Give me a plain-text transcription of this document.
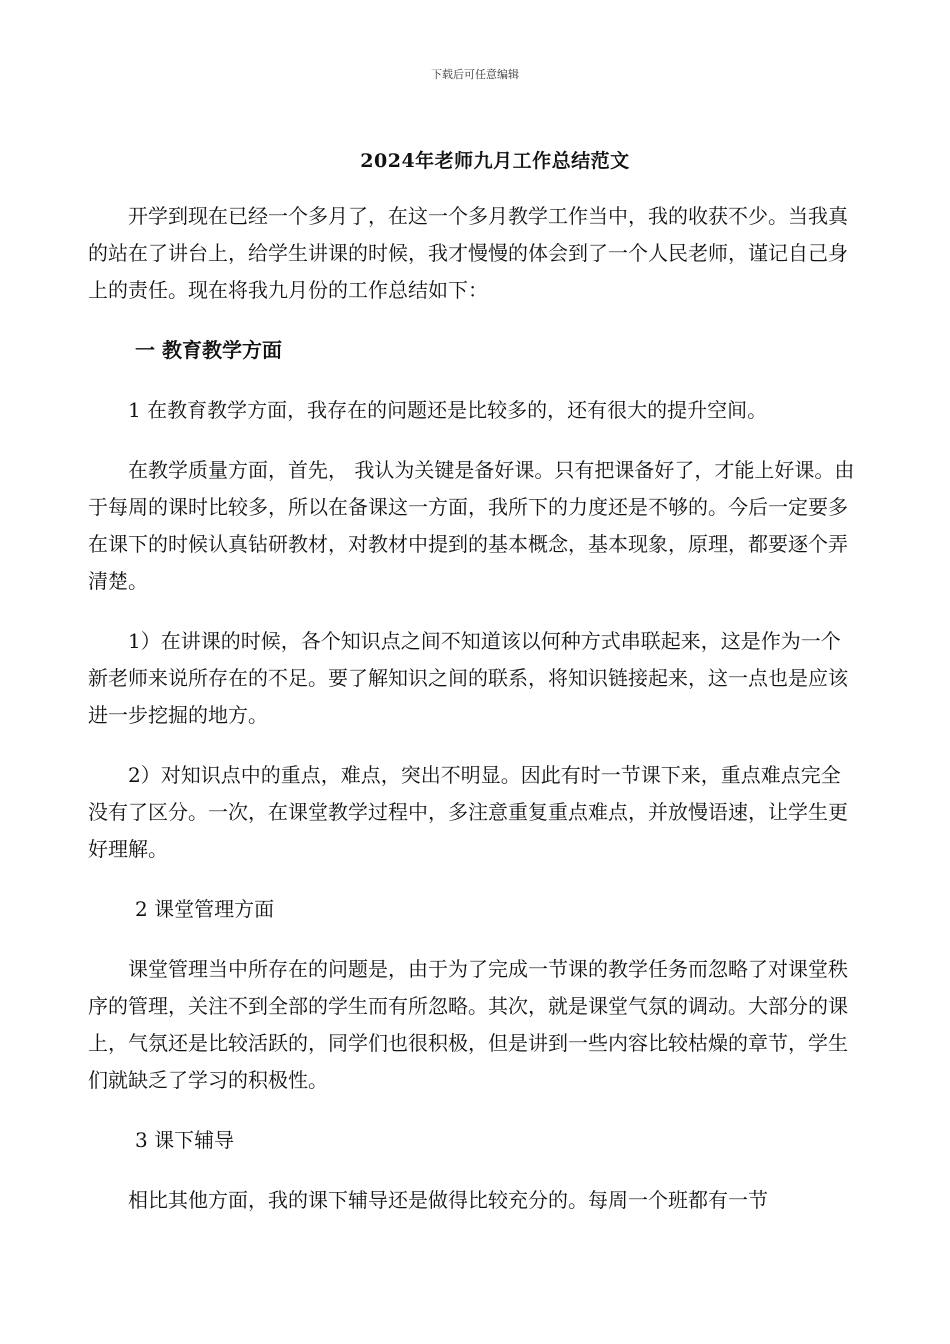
下载后可任意编辑
2024年老师九月工作总结范文

开学到现在已经一个多月了，在这一个多月教学工作当中，我的收获不少。当我真的站在了讲台上，给学生讲课的时候，我才慢慢的体会到了一个人民老师，谨记自己身上的责任。现在将我九月份的工作总结如下：

一 教育教学方面

1 在教育教学方面，我存在的问题还是比较多的，还有很大的提升空间。

在教学质量方面，首先， 我认为关键是备好课。只有把课备好了，才能上好课。由于每周的课时比较多，所以在备课这一方面，我所下的力度还是不够的。今后一定要多在课下的时候认真钻研教材，对教材中提到的基本概念，基本现象，原理，都要逐个弄清楚。

1）在讲课的时候，各个知识点之间不知道该以何种方式串联起来，这是作为一个新老师来说所存在的不足。要了解知识之间的联系，将知识链接起来，这一点也是应该进一步挖掘的地方。

2）对知识点中的重点，难点，突出不明显。因此有时一节课下来，重点难点完全没有了区分。一次，在课堂教学过程中，多注意重复重点难点，并放慢语速，让学生更好理解。

2 课堂管理方面

课堂管理当中所存在的问题是，由于为了完成一节课的教学任务而忽略了对课堂秩序的管理，关注不到全部的学生而有所忽略。其次，就是课堂气氛的调动。大部分的课上，气氛还是比较活跃的，同学们也很积极，但是讲到一些内容比较枯燥的章节，学生们就缺乏了学习的积极性。

3 课下辅导

相比其他方面，我的课下辅导还是做得比较充分的。每周一个班都有一节
